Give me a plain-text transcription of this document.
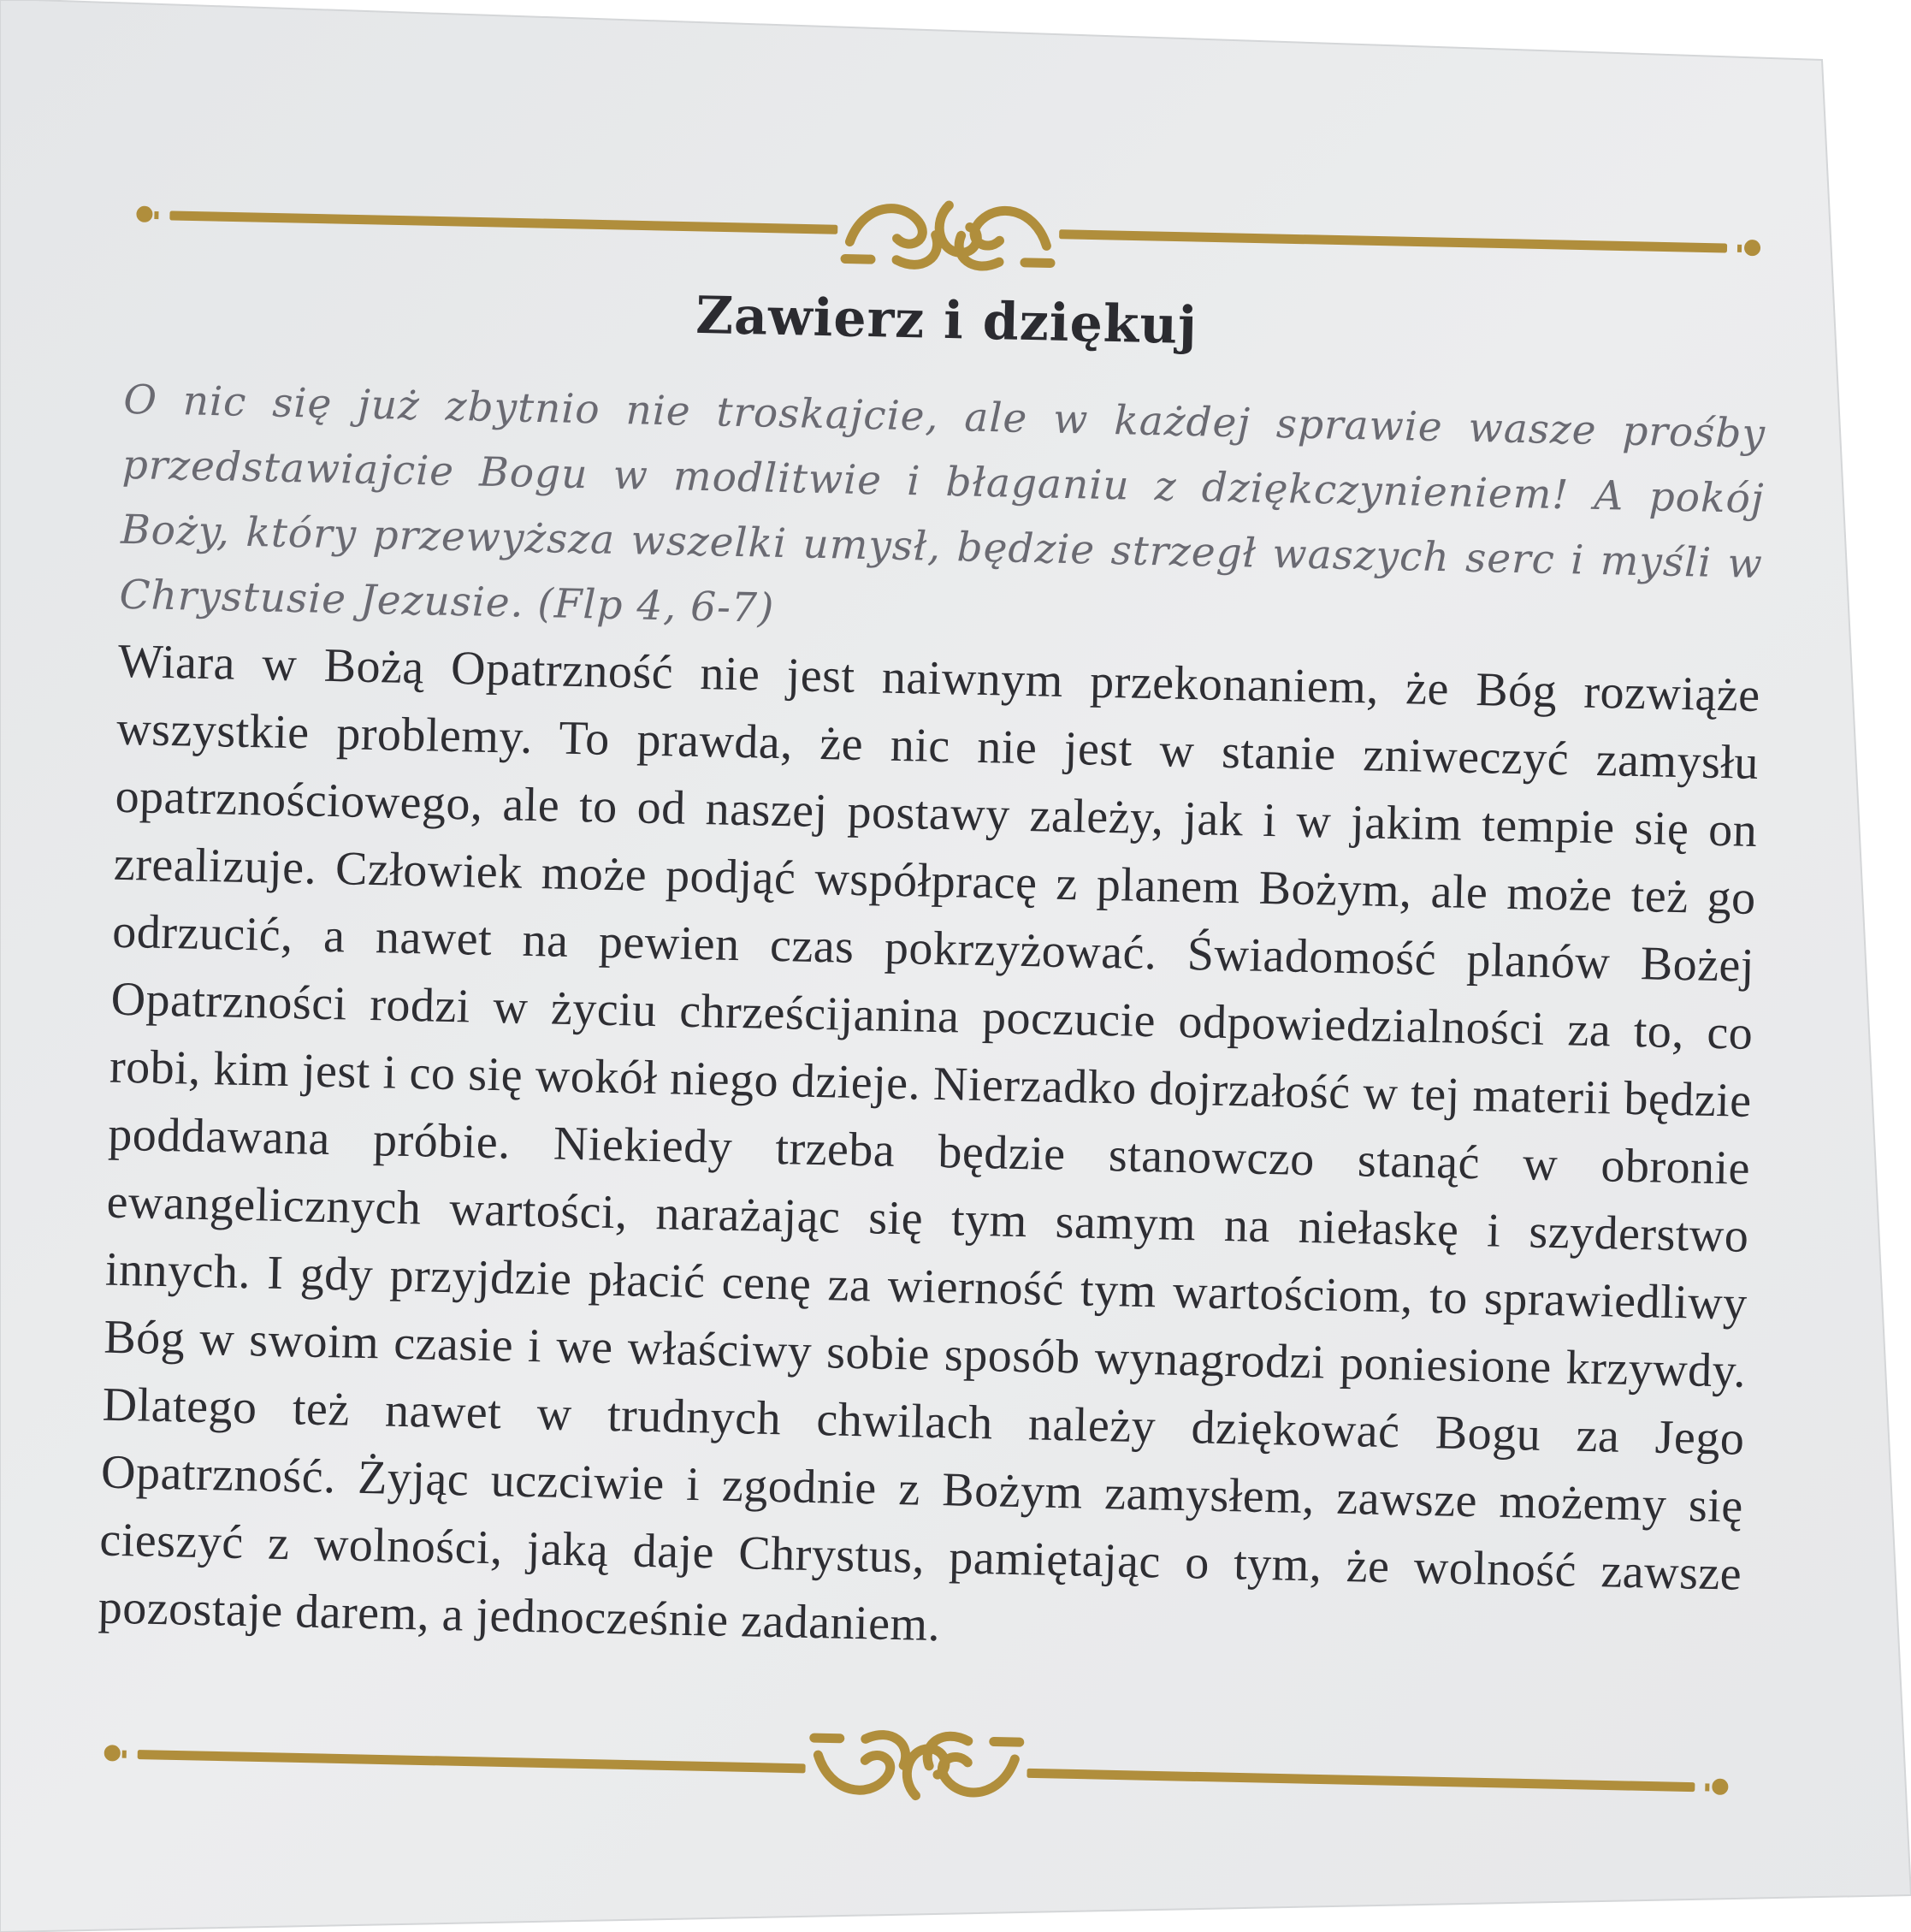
Zawierz i dziękuj

O nic się już zbytnio nie troskajcie, ale w każdej sprawie wasze prośby przedstawiajcie Bogu w modlitwie i błaganiu z dziękczynieniem! A pokój Boży, który przewyższa wszelki umysł, będzie strzegł waszych serc i myśli w Chrystusie Jezusie. (Flp 4, 6-7)

Wiara w Bożą Opatrzność nie jest naiwnym przekonaniem, że Bóg rozwiąże wszystkie problemy. To prawda, że nic nie jest w stanie zniweczyć zamysłu opatrznościowego, ale to od naszej postawy zależy, jak i w jakim tempie się on zrealizuje. Człowiek może podjąć współpracę z planem Bożym, ale może też go odrzucić, a nawet na pewien czas pokrzyżować. Świadomość planów Bożej Opatrzności rodzi w życiu chrześcijanina poczucie odpowiedzialności za to, co robi, kim jest i co się wokół niego dzieje. Nierzadko dojrzałość w tej materii będzie poddawana próbie. Niekiedy trzeba będzie stanowczo stanąć w obronie ewangelicznych wartości, narażając się tym samym na niełaskę i szyderstwo innych. I gdy przyjdzie płacić cenę za wierność tym wartościom, to sprawiedliwy Bóg w swoim czasie i we właściwy sobie sposób wynagrodzi poniesione krzywdy. Dlatego też nawet w trudnych chwilach należy dziękować Bogu za Jego Opatrzność. Żyjąc uczciwie i zgodnie z Bożym zamysłem, zawsze możemy się cieszyć z wolności, jaką daje Chrystus, pamiętając o tym, że wolność zawsze pozostaje darem, a jednocześnie zadaniem.
